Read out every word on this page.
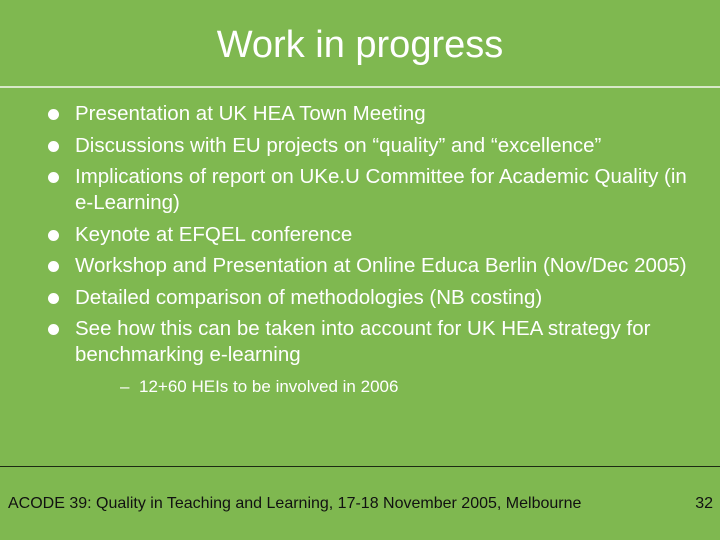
Work in progress
Presentation at UK HEA Town Meeting
Discussions with EU projects on “quality” and “excellence”
Implications of report on UKe.U Committee for Academic Quality (in e-Learning)
Keynote at EFQEL conference
Workshop and Presentation at Online Educa Berlin (Nov/Dec 2005)
Detailed comparison of methodologies (NB costing)
See how this can be taken into account for UK HEA strategy for benchmarking e-learning
– 12+60 HEIs to be involved in 2006
ACODE 39: Quality in Teaching and Learning, 17-18 November 2005, Melbourne	32
